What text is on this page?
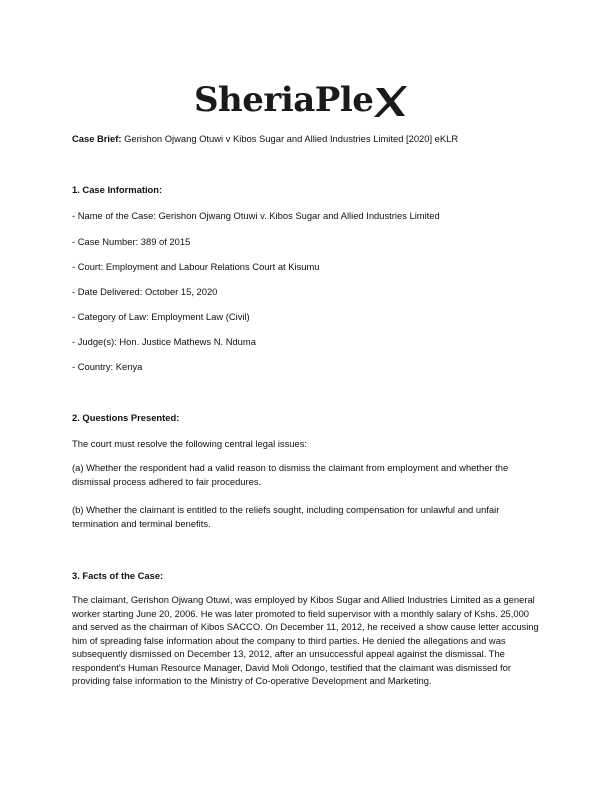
SheriaPle
Case Brief: Gerishon Ojwang Otuwi v Kibos Sugar and Allied Industries Limited [2020] eKLR
1. Case Information:
- Name of the Case: Gerishon Ojwang Otuwi v. Kibos Sugar and Allied Industries Limited
- Case Number: 389 of 2015
- Court: Employment and Labour Relations Court at Kisumu
- Date Delivered: October 15, 2020
- Category of Law: Employment Law (Civil)
- Judge(s): Hon. Justice Mathews N. Nduma
- Country: Kenya
2. Questions Presented:
The court must resolve the following central legal issues:
(a) Whether the respondent had a valid reason to dismiss the claimant from employment and whether the dismissal process adhered to fair procedures.
(b) Whether the claimant is entitled to the reliefs sought, including compensation for unlawful and unfair termination and terminal benefits.
3. Facts of the Case:
The claimant, Gerishon Ojwang Otuwi, was employed by Kibos Sugar and Allied Industries Limited as a general worker starting June 20, 2006. He was later promoted to field supervisor with a monthly salary of Kshs. 25,000 and served as the chairman of Kibos SACCO. On December 11, 2012, he received a show cause letter accusing him of spreading false information about the company to third parties. He denied the allegations and was subsequently dismissed on December 13, 2012, after an unsuccessful appeal against the dismissal. The respondent's Human Resource Manager, David Moli Odongo, testified that the claimant was dismissed for providing false information to the Ministry of Co-operative Development and Marketing.
